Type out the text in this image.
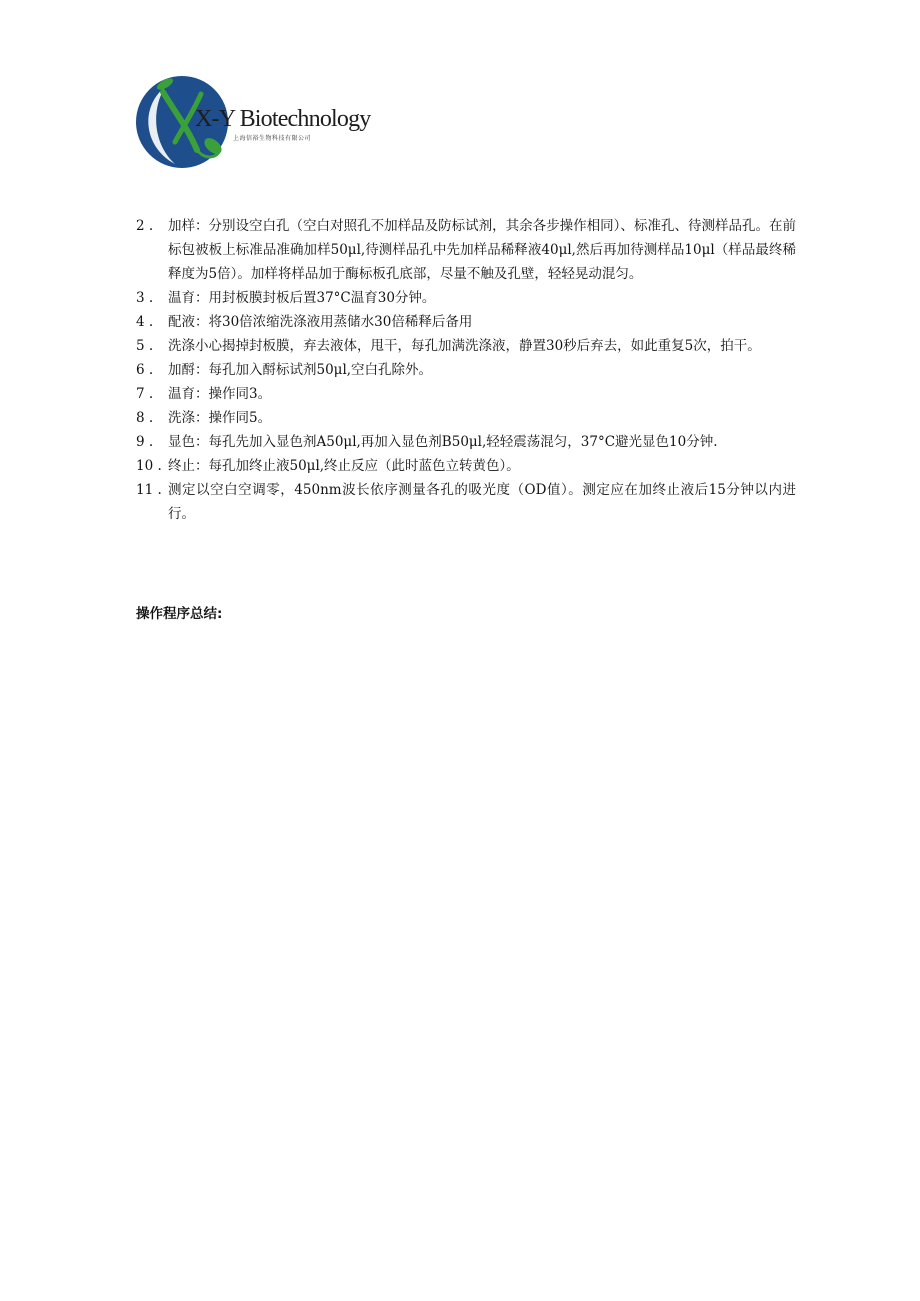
X-Y Biotechnology
上海信裕生物科技有限公司
2 .	加样：分别设空白孔（空白对照孔不加样品及防标试剂，其余各步操作相同）、标准孔、待测样品孔。在前标包被板上标准品准确加样50μl,待测样品孔中先加样品稀释液40μl,然后再加待测样品10μl（样品最终稀释度为5倍）。加样将样品加于酶标板孔底部，尽量不触及孔壁，轻轻晃动混匀。
3 .	温育：用封板膜封板后置37°C温育30分钟。
4 .	配液：将30倍浓缩洗涤液用蒸储水30倍稀释后备用
5 .	洗涤小心揭掉封板膜，弃去液体，甩干，每孔加满洗涤液，静置30秒后弃去，如此重复5次，拍干。
6 .	加酹：每孔加入酹标试剂50μl,空白孔除外。
7 .	温育：操作同3。
8 .	洗涤：操作同5。
9 .	显色：每孔先加入显色剂A50μl,再加入显色剂B50μl,轻轻震荡混匀，37°C避光显色10分钟.
10 . 终止：每孔加终止液50μl,终止反应（此时蓝色立转黄色）。
11 . 测定以空白空调零，450nm波长依序测量各孔的吸光度（OD值）。测定应在加终止液后15分钟以内进行。
操作程序总结:
